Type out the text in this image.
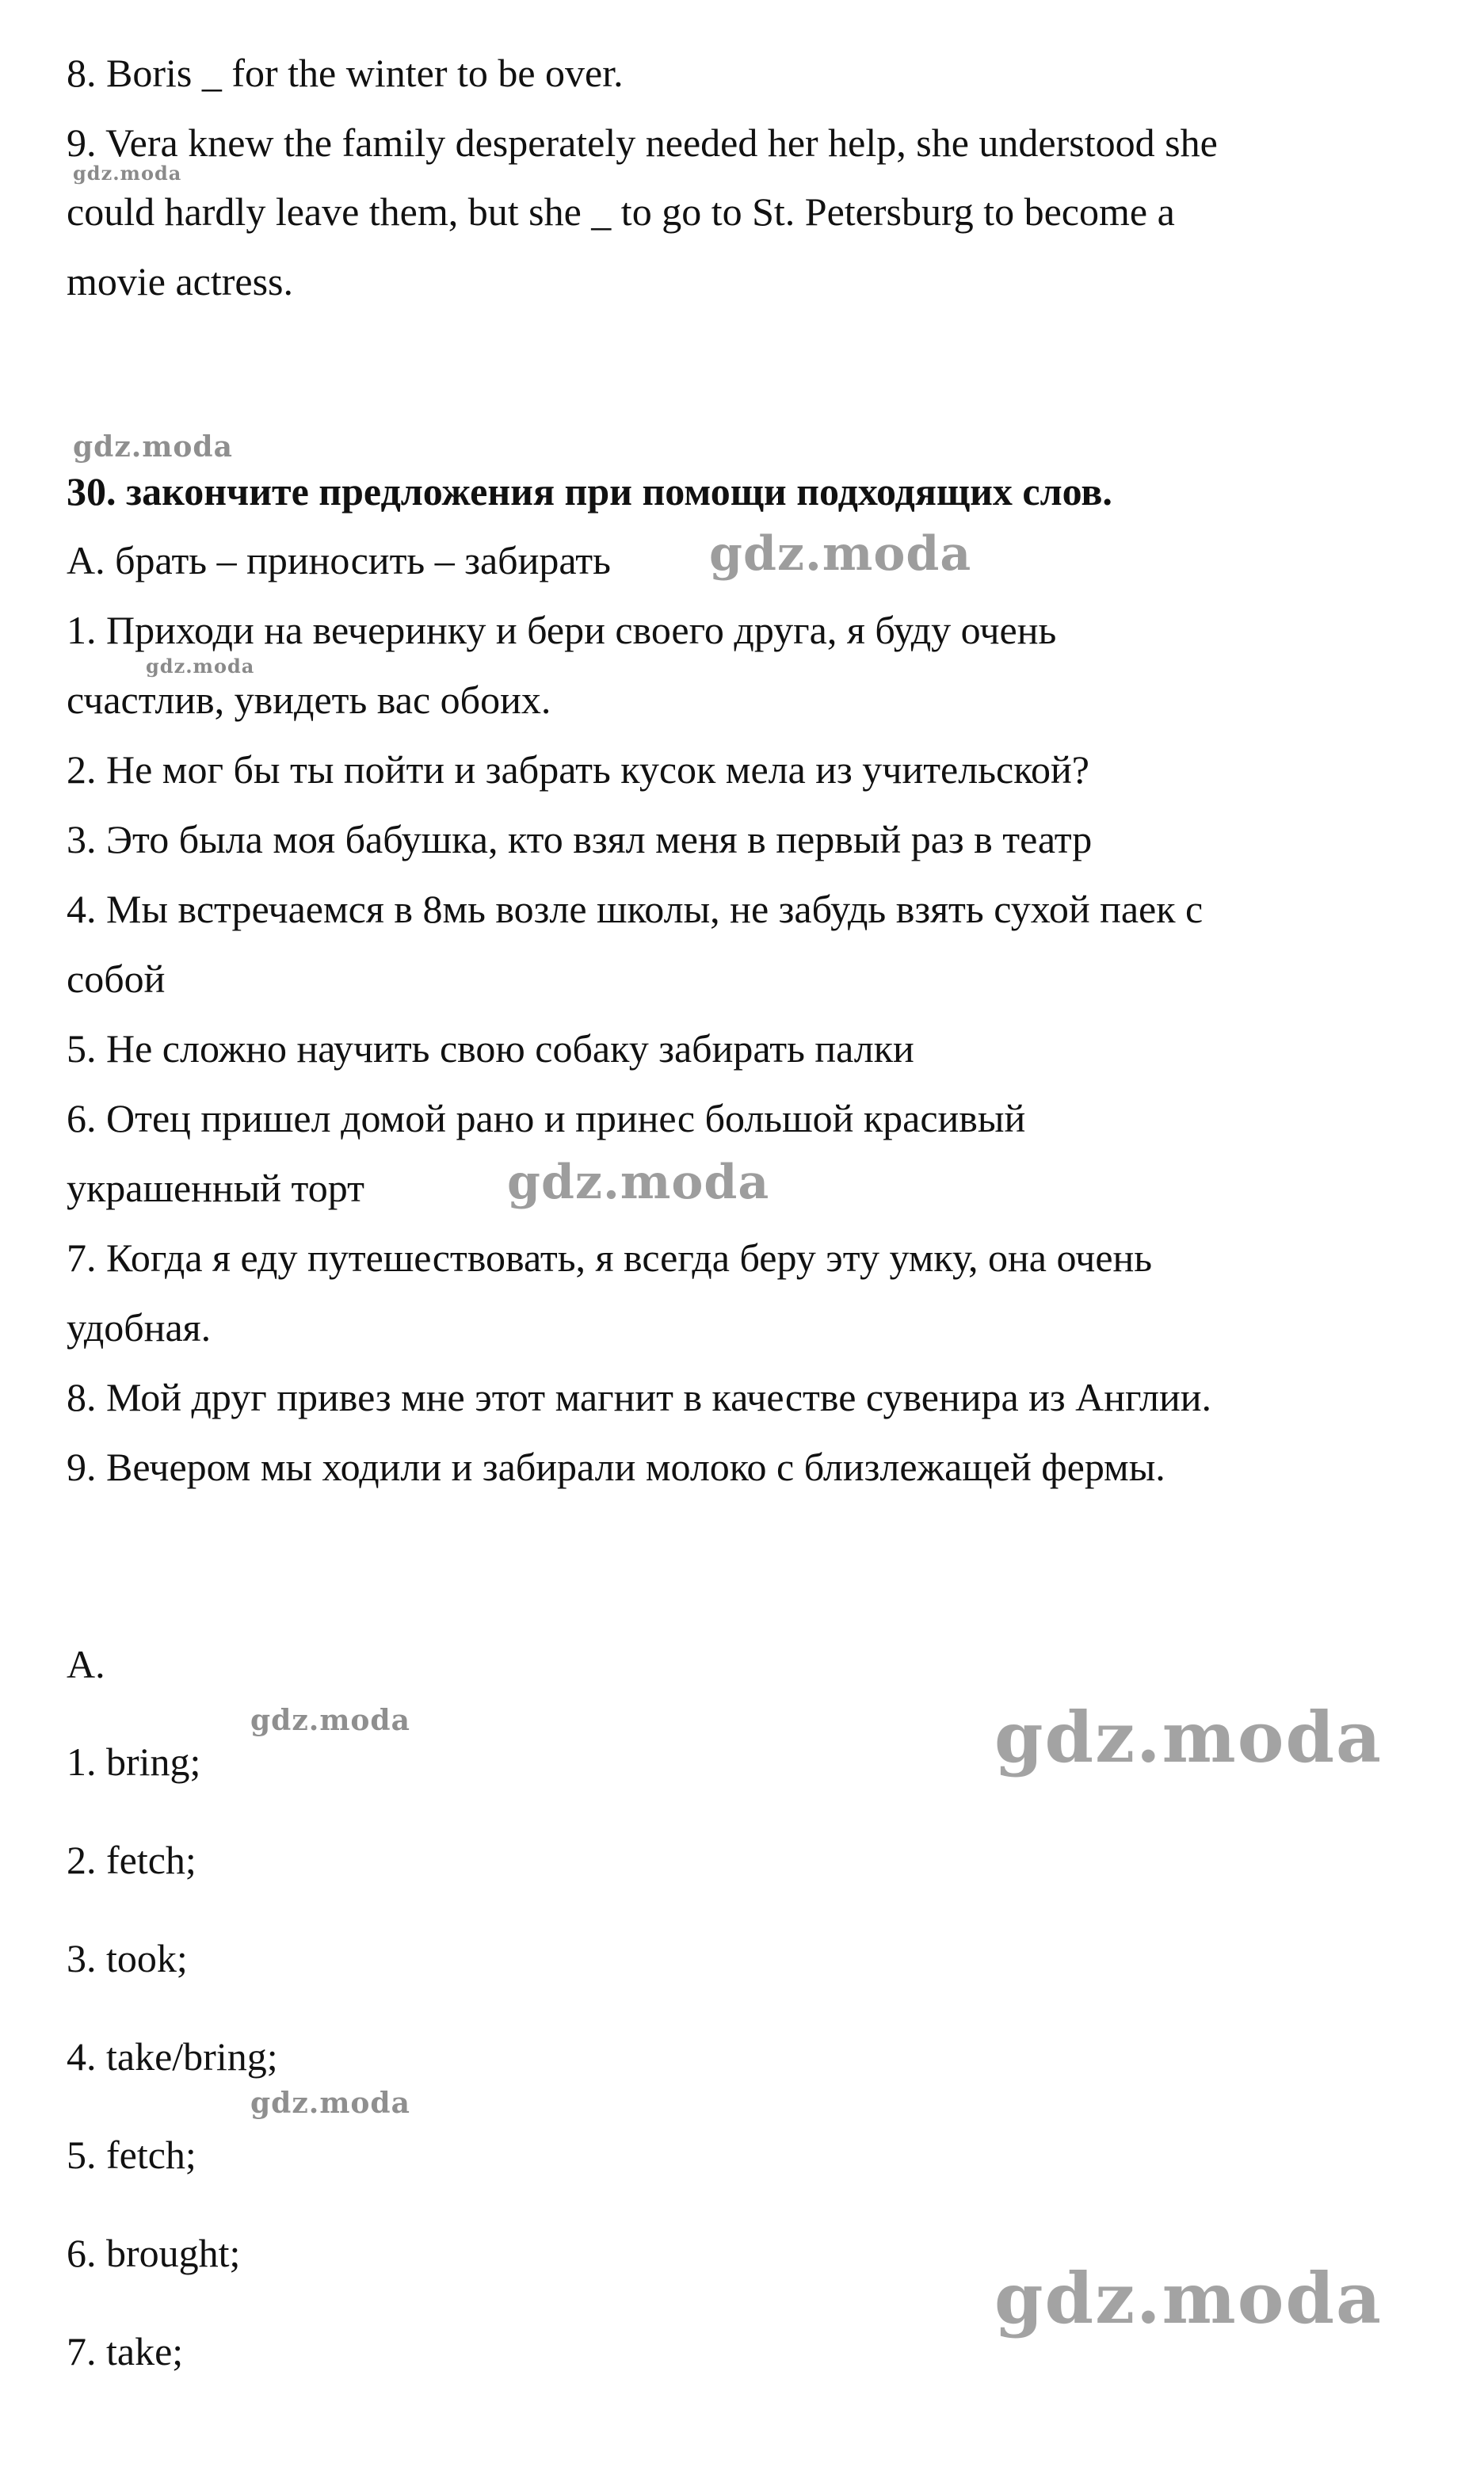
8. Boris _ for the winter to be over.

9. Vera knew the family desperately needed her help, she understood she

could hardly leave them, but she _ to go to St. Petersburg to become a

movie actress.

30. закончите предложения при помощи подходящих слов.

A. брать – приносить – забирать

1. Приходи на вечеринку и бери своего друга, я буду очень

счастлив, увидеть вас обоих.

2. Не мог бы ты пойти и забрать кусок мела из учительской?

3. Это была моя бабушка, кто взял меня в первый раз в театр

4. Мы встречаемся в 8мь возле школы, не забудь взять сухой паек с

собой

5. Не сложно научить свою собаку забирать палки

6. Отец пришел домой рано и принес большой красивый

украшенный торт

7. Когда я еду путешествовать, я всегда беру эту умку, она очень

удобная.

8. Мой друг привез мне этот магнит в качестве сувенира из Англии.

9. Вечером мы ходили и забирали молоко с близлежащей фермы.

A.

1. bring;

2. fetch;

3. took;

4. take/bring;

5. fetch;

6. brought;

7. take;

gdz.moda
gdz.moda
gdz.moda
gdz.moda
gdz.moda
gdz.moda	gdz.moda
gdz.moda
gdz.moda
